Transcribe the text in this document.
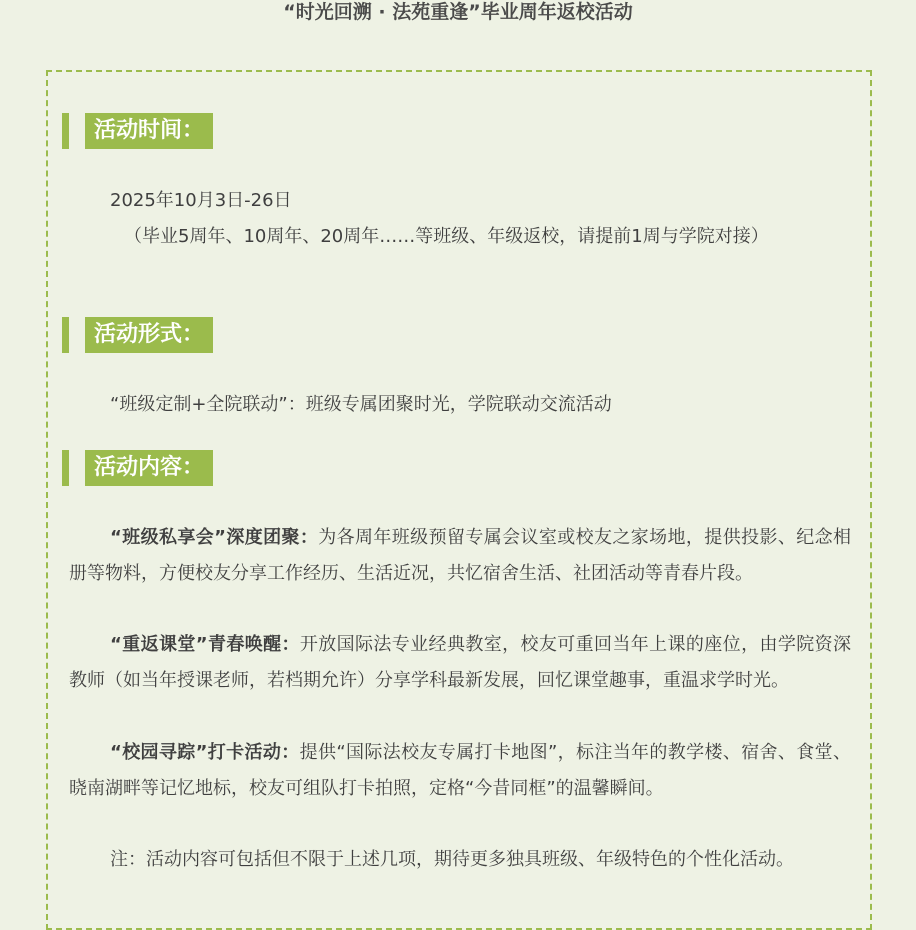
“时光回溯 · 法苑重逢”毕业周年返校活动
活动时间：
2025年10月3日-26日
（毕业5周年、10周年、20周年……等班级、年级返校，请提前1周与学院对接）
活动形式：
“班级定制+全院联动”：班级专属团聚时光，学院联动交流活动
活动内容：
“班级私享会”深度团聚：为各周年班级预留专属会议室或校友之家场地，提供投影、纪念相册等物料，方便校友分享工作经历、生活近况，共忆宿舍生活、社团活动等青春片段。
“重返课堂”青春唤醒：开放国际法专业经典教室，校友可重回当年上课的座位，由学院资深教师（如当年授课老师，若档期允许）分享学科最新发展，回忆课堂趣事，重温求学时光。
“校园寻踪”打卡活动：提供“国际法校友专属打卡地图”，标注当年的教学楼、宿舍、食堂、晓南湖畔等记忆地标，校友可组队打卡拍照，定格“今昔同框”的温馨瞬间。
注：活动内容可包括但不限于上述几项，期待更多独具班级、年级特色的个性化活动。
